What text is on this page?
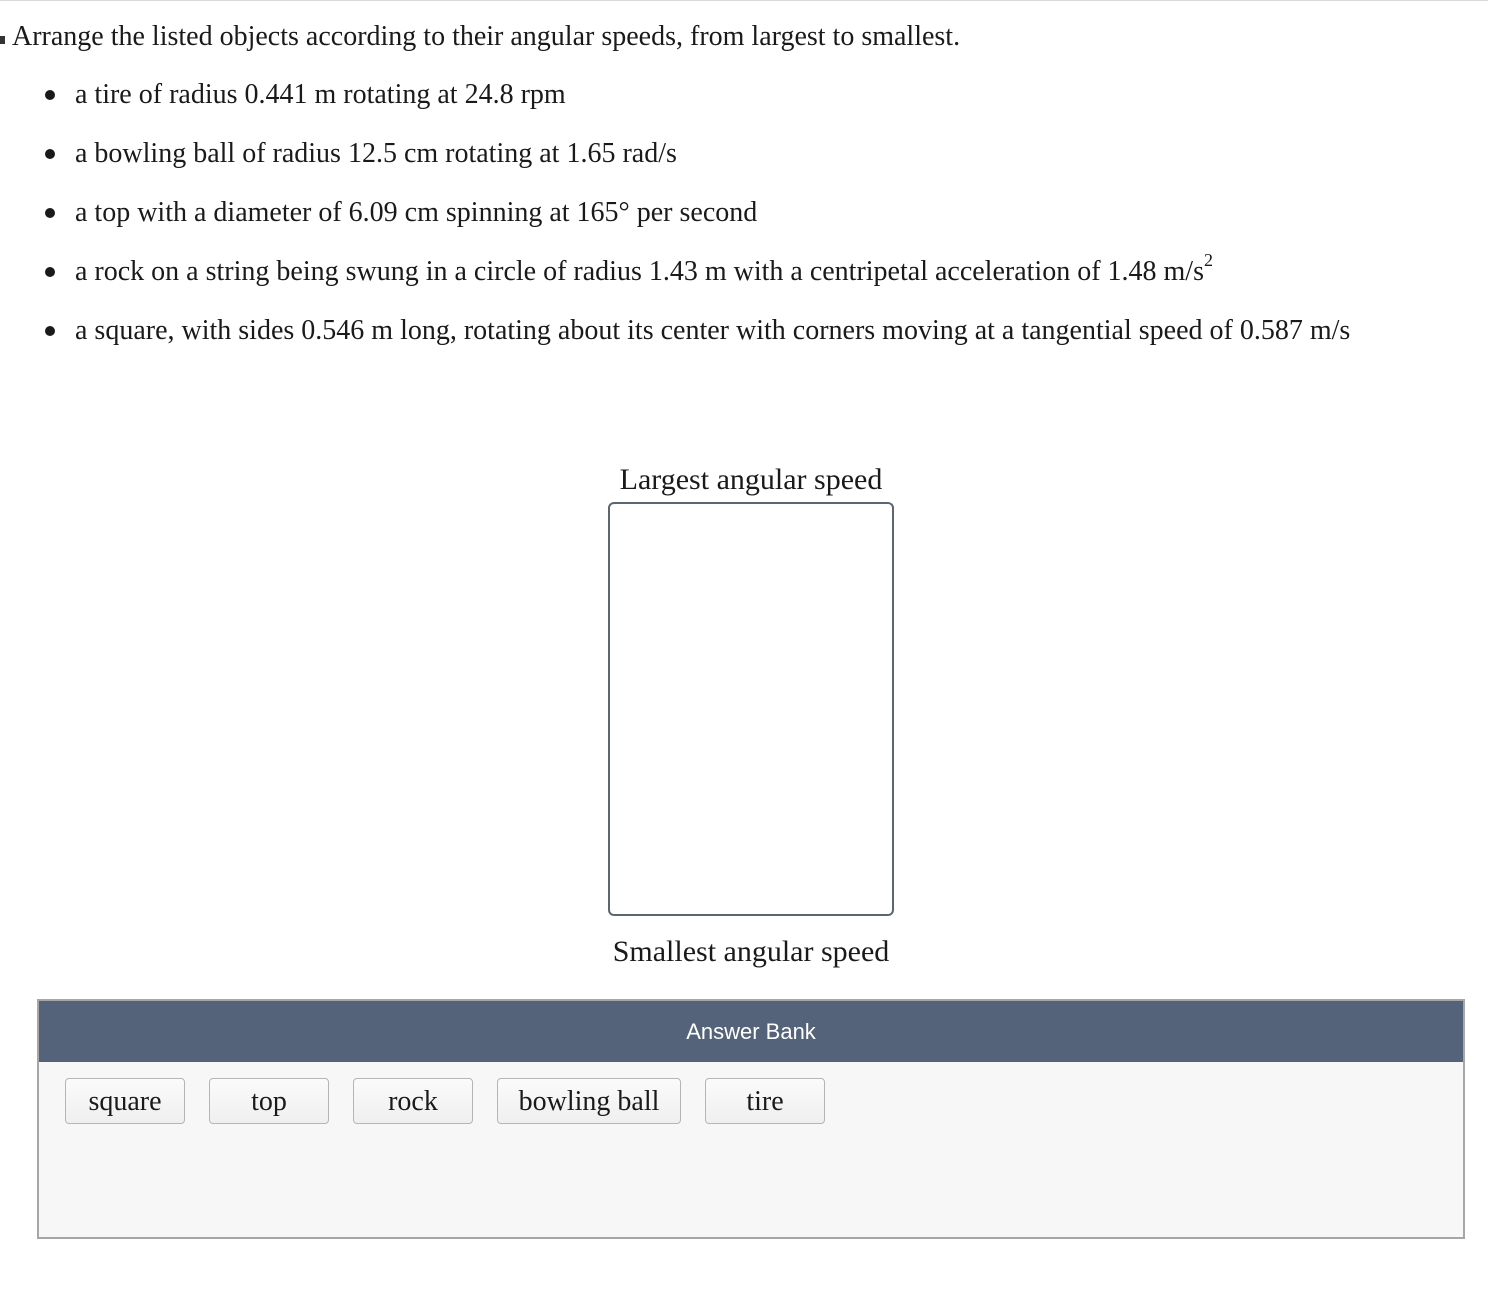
Arrange the listed objects according to their angular speeds, from largest to smallest.

a tire of radius 0.441 m rotating at 24.8 rpm
a bowling ball of radius 12.5 cm rotating at 1.65 rad/s
a top with a diameter of 6.09 cm spinning at 165° per second
a rock on a string being swung in a circle of radius 1.43 m with a centripetal acceleration of 1.48 $m/s^2$
a square, with sides 0.546 m long, rotating about its center with corners moving at a tangential speed of 0.587 m/s
Largest angular speed
Smallest angular speed
Answer Bank
square	top	rock	bowling ball	tire
